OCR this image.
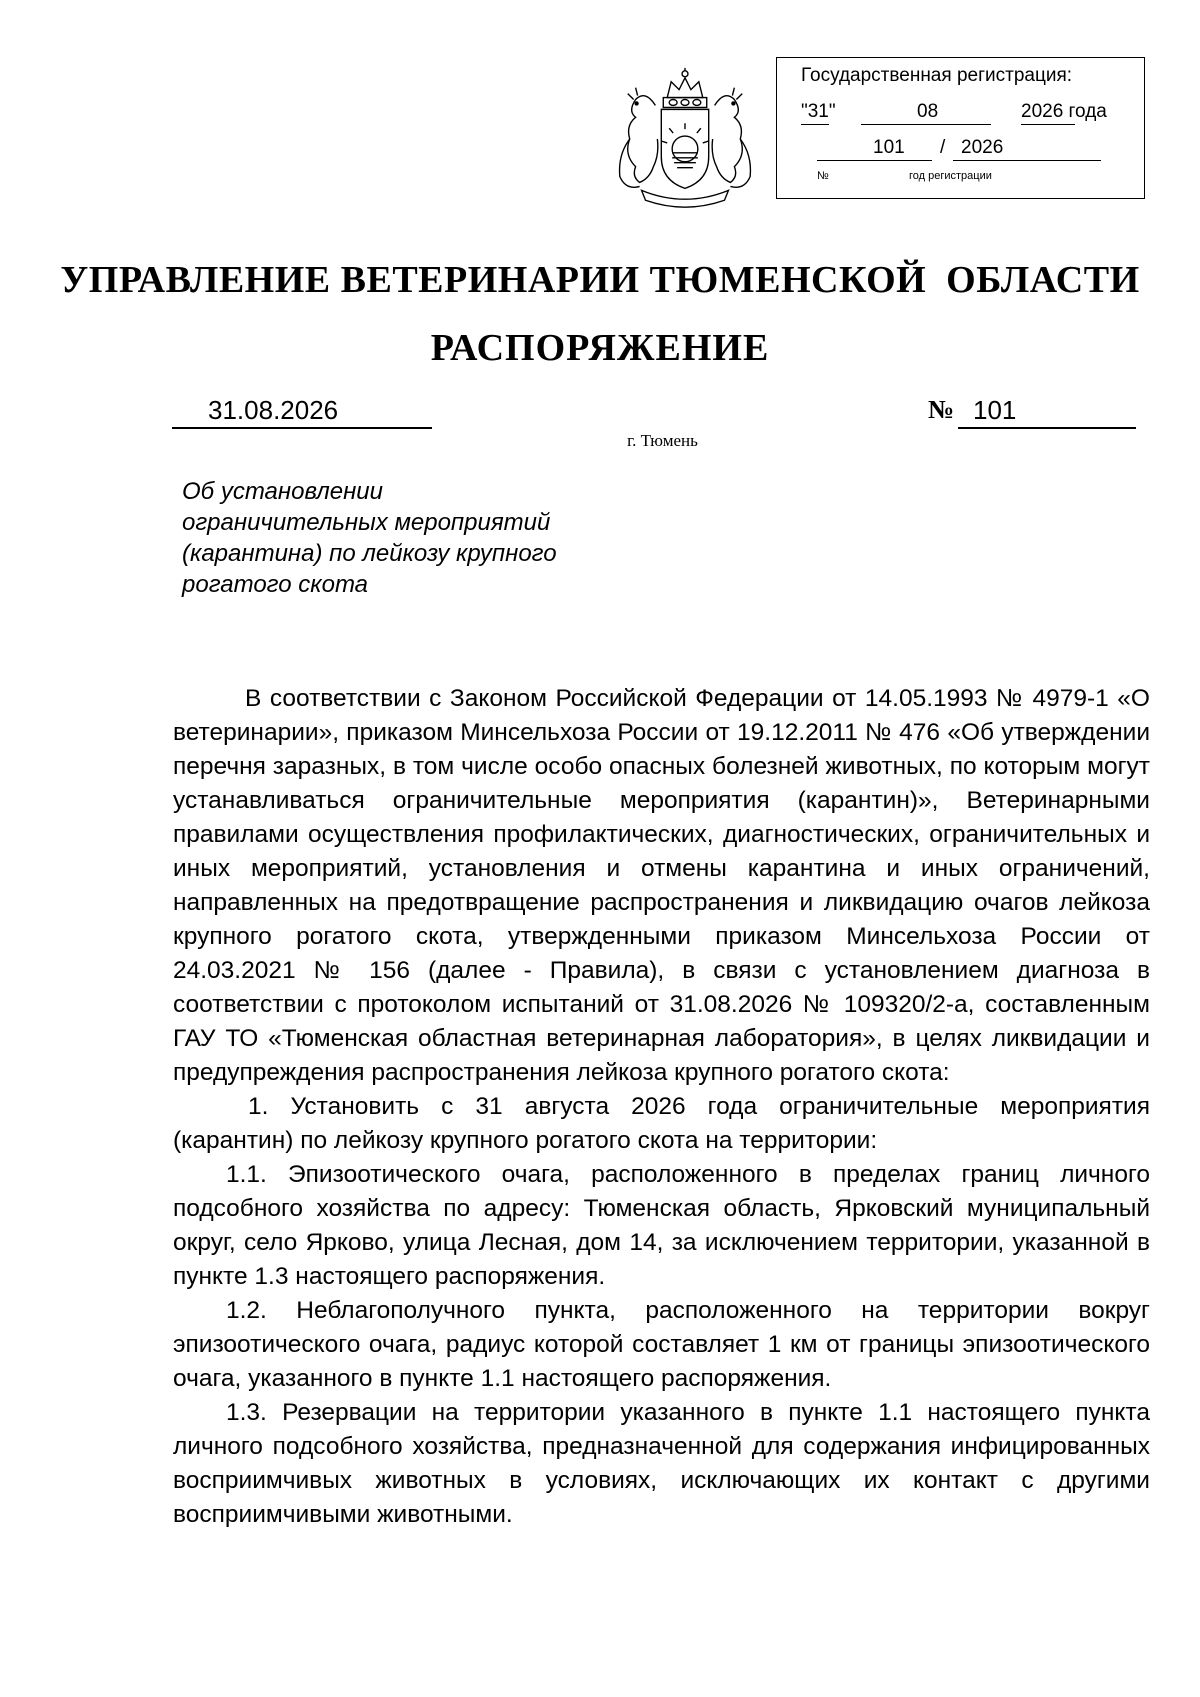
Государственная регистрация:
"31"	08	2026 года
101 / 2026
№	год регистрации
УПРАВЛЕНИЕ ВЕТЕРИНАРИИ ТЮМЕНСКОЙ  ОБЛАСТИ
РАСПОРЯЖЕНИЕ
31.08.2026	№ 101
г. Тюмень
Об установлении
ограничительных мероприятий
(карантина) по лейкозу крупного
рогатого скота

В соответствии с Законом Российской Федерации от 14.05.1993 № 4979-1 «О ветеринарии», приказом Минсельхоза России от 19.12.2011 № 476 «Об утверждении перечня заразных, в том числе особо опасных болезней животных, по которым могут устанавливаться ограничительные мероприятия (карантин)», Ветеринарными правилами осуществления профилактических, диагностических, ограничительных и иных мероприятий, установления и отмены карантина и иных ограничений, направленных на предотвращение распространения и ликвидацию очагов лейкоза крупного рогатого скота, утвержденными приказом Минсельхоза России от 24.03.2021 № 156 (далее - Правила), в связи с установлением диагноза в соответствии с протоколом испытаний от 31.08.2026 № 109320/2-а, составленным ГАУ ТО «Тюменская областная ветеринарная лаборатория», в целях ликвидации и предупреждения распространения лейкоза крупного рогатого скота:

1. Установить с 31 августа 2026 года ограничительные мероприятия (карантин) по лейкозу крупного рогатого скота на территории:

1.1. Эпизоотического очага, расположенного в пределах границ личного подсобного хозяйства по адресу: Тюменская область, Ярковский муниципальный округ, село Ярково, улица Лесная, дом 14, за исключением территории, указанной в пункте 1.3 настоящего распоряжения.

1.2. Неблагополучного пункта, расположенного на территории вокруг эпизоотического очага, радиус которой составляет 1 км от границы эпизоотического очага, указанного в пункте 1.1 настоящего распоряжения.

1.3. Резервации на территории указанного в пункте 1.1 настоящего пункта личного подсобного хозяйства, предназначенной для содержания инфицированных восприимчивых животных в условиях, исключающих их контакт с другими восприимчивыми животными.
